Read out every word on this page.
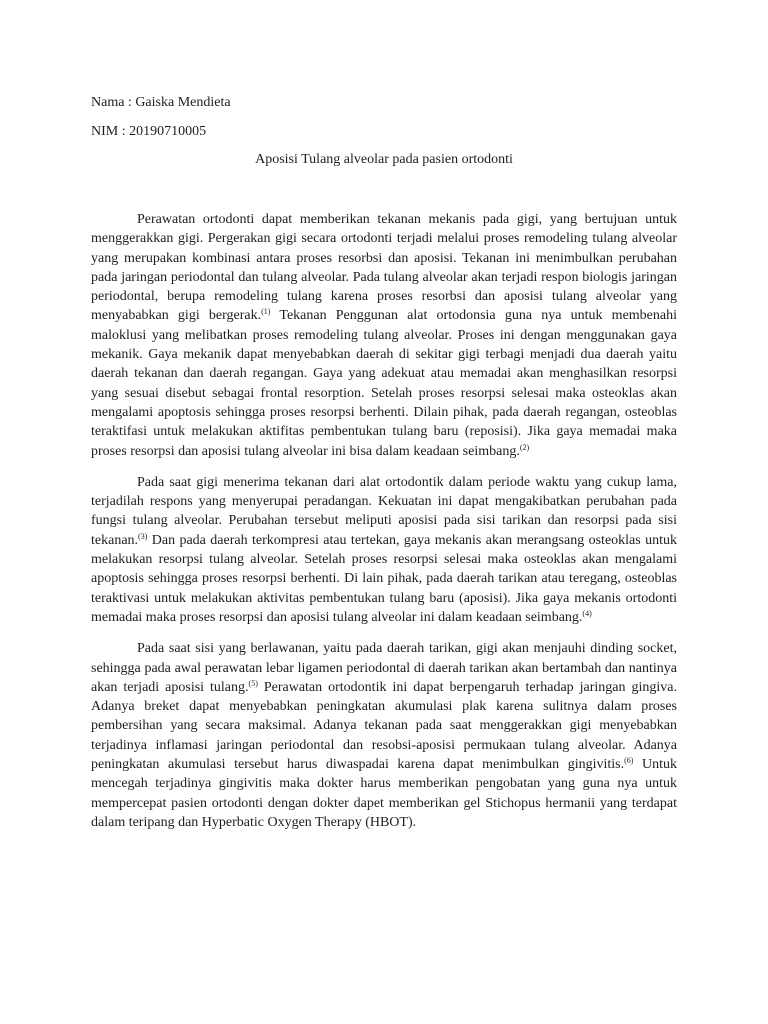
Nama : Gaiska Mendieta
NIM : 20190710005
Aposisi Tulang alveolar pada pasien ortodonti

Perawatan ortodonti dapat memberikan tekanan mekanis pada gigi, yang bertujuan untuk menggerakkan gigi. Pergerakan gigi secara ortodonti terjadi melalui proses remodeling tulang alveolar yang merupakan kombinasi antara proses resorbsi dan aposisi. Tekanan ini menimbulkan perubahan pada jaringan periodontal dan tulang alveolar. Pada tulang alveolar akan terjadi respon biologis jaringan periodontal, berupa remodeling tulang karena proses resorbsi dan aposisi tulang alveolar yang menyababkan gigi bergerak.$^{(1)}$ Tekanan Penggunan alat ortodonsia guna nya untuk membenahi maloklusi yang melibatkan proses remodeling tulang alveolar. Proses ini dengan menggunakan gaya mekanik. Gaya mekanik dapat menyebabkan daerah di sekitar gigi terbagi menjadi dua daerah yaitu daerah tekanan dan daerah regangan. Gaya yang adekuat atau memadai akan menghasilkan resorpsi yang sesuai disebut sebagai frontal resorption. Setelah proses resorpsi selesai maka osteoklas akan mengalami apoptosis sehingga proses resorpsi berhenti. Dilain pihak, pada daerah regangan, osteoblas teraktifasi untuk melakukan aktifitas pembentukan tulang baru (reposisi). Jika gaya memadai maka proses resorpsi dan aposisi tulang alveolar ini bisa dalam keadaan seimbang.$^{(2)}$

Pada saat gigi menerima tekanan dari alat ortodontik dalam periode waktu yang cukup lama, terjadilah respons yang menyerupai peradangan. Kekuatan ini dapat mengakibatkan perubahan pada fungsi tulang alveolar. Perubahan tersebut meliputi aposisi pada sisi tarikan dan resorpsi pada sisi tekanan.$^{(3)}$ Dan pada daerah terkompresi atau tertekan, gaya mekanis akan merangsang osteoklas untuk melakukan resorpsi tulang alveolar. Setelah proses resorpsi selesai maka osteoklas akan mengalami apoptosis sehingga proses resorpsi berhenti. Di lain pihak, pada daerah tarikan atau teregang, osteoblas teraktivasi untuk melakukan aktivitas pembentukan tulang baru (aposisi). Jika gaya mekanis ortodonti memadai maka proses resorpsi dan aposisi tulang alveolar ini dalam keadaan seimbang.$^{(4)}$

Pada saat sisi yang berlawanan, yaitu pada daerah tarikan, gigi akan menjauhi dinding socket, sehingga pada awal perawatan lebar ligamen periodontal di daerah tarikan akan bertambah dan nantinya akan terjadi aposisi tulang.$^{(5)}$ Perawatan ortodontik ini dapat berpengaruh terhadap jaringan gingiva. Adanya breket dapat menyebabkan peningkatan akumulasi plak karena sulitnya dalam proses pembersihan yang secara maksimal. Adanya tekanan pada saat menggerakkan gigi menyebabkan terjadinya inflamasi jaringan periodontal dan resobsi-aposisi permukaan tulang alveolar. Adanya peningkatan akumulasi tersebut harus diwaspadai karena dapat menimbulkan gingivitis.$^{(6)}$ Untuk mencegah terjadinya gingivitis maka dokter harus memberikan pengobatan yang guna nya untuk mempercepat pasien ortodonti dengan dokter dapet memberikan gel Stichopus hermanii yang terdapat dalam teripang dan Hyperbatic Oxygen Therapy (HBOT).
